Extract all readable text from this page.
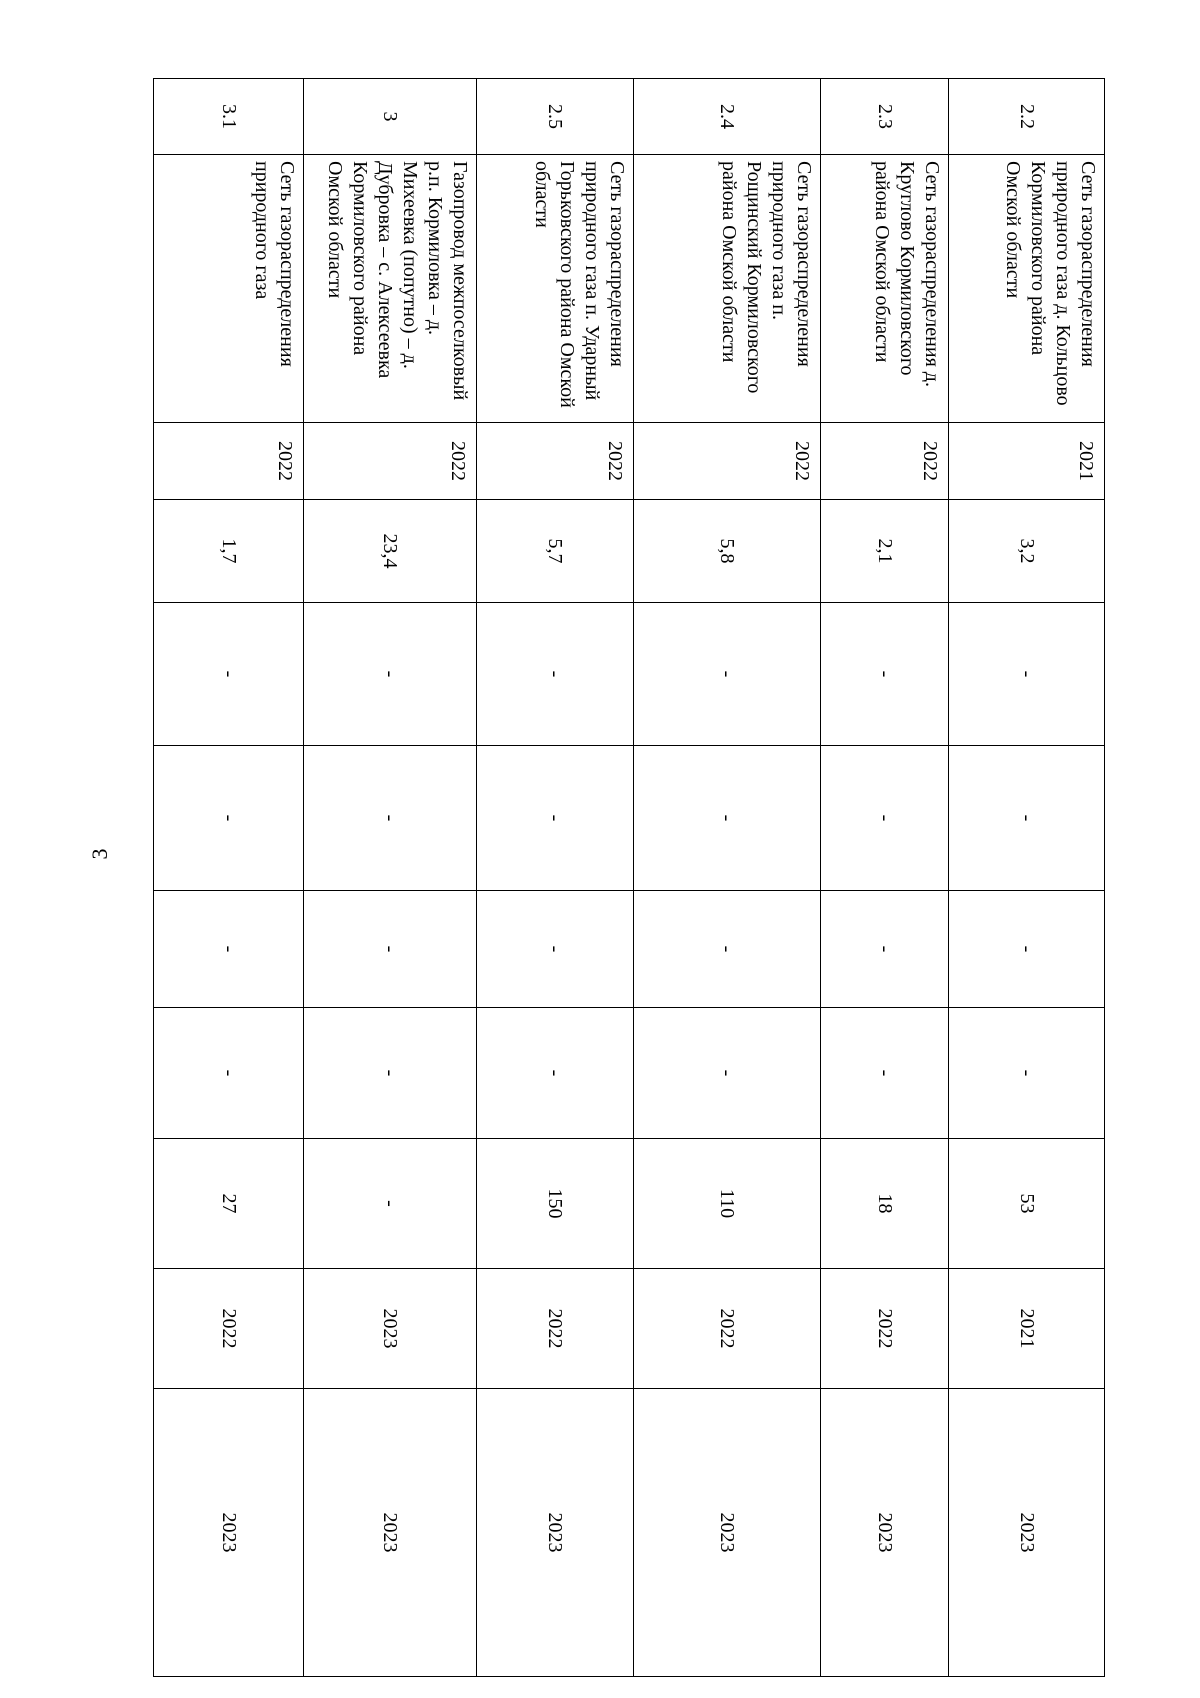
3
2.2	Сеть газораспределения природного газа д. Кольцово Кормиловского района Омской области	2021	3,2	-	-	-	-	53	2021	2023
2.3	Сеть газораспределения д. Круглово Кормиловского района Омской области	2022	2,1	-	-	-	-	18	2022	2023
2.4	Сеть газораспределения природного газа п. Рощинский Кормиловского района Омской области	2022	5,8	-	-	-	-	110	2022	2023
2.5	Сеть газораспределения природного газа п. Ударный Горьковского района Омской области	2022	5,7	-	-	-	-	150	2022	2023
3	Газопровод межпоселковый р.п. Кормиловка – д. Михеевка (попутно) – д. Дубровка – с. Алексеевка Кормиловского района Омской области	2022	23,4	-	-	-	-	-	2023	2023
3.1	Сеть газораспределения природного газа	2022	1,7	-	-	-	-	27	2022	2023
